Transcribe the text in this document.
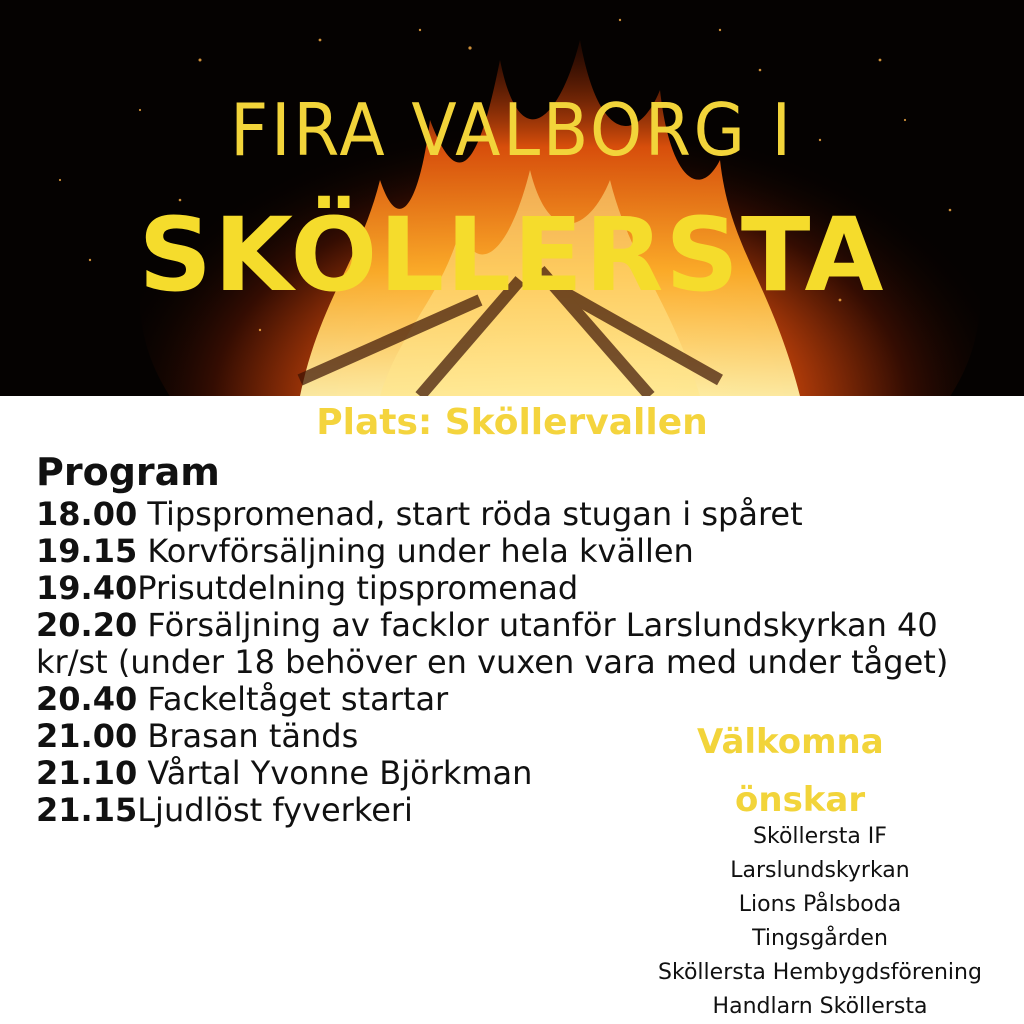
FIRA VALBORG I
SKÖLLERSTA
Plats: Sköllervallen
Program
18.00 Tipspromenad, start röda stugan i spåret
19.15 Korvförsäljning under hela kvällen
19.40Prisutdelning tipspromenad
20.20 Försäljning av facklor utanför Larslundskyrkan 40 kr/st (under 18 behöver en vuxen vara med under tåget)
20.40 Fackeltåget startar
21.00 Brasan tänds
21.10 Vårtal Yvonne Björkman
21.15Ljudlöst fyverkeri
Välkomna
önskar
Sköllersta IF
Larslundskyrkan
Lions Pålsboda
Tingsgården
Sköllersta Hembygdsförening
Handlarn Sköllersta
